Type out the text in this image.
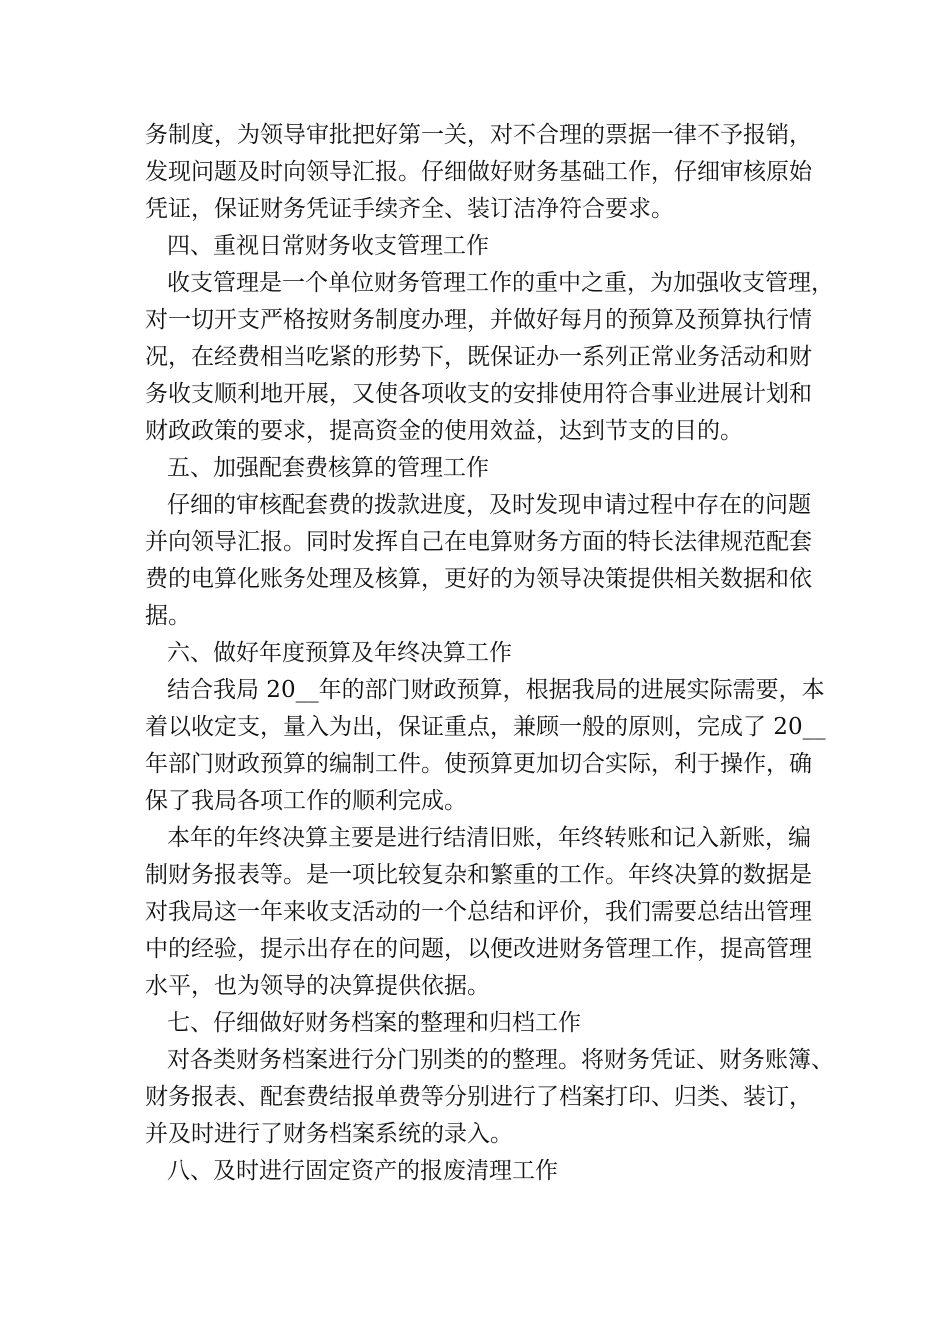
务制度，为领导审批把好第一关，对不合理的票据一律不予报销，
发现问题及时向领导汇报。仔细做好财务基础工作，仔细审核原始
凭证，保证财务凭证手续齐全、装订洁净符合要求。
四、重视日常财务收支管理工作
收支管理是一个单位财务管理工作的重中之重，为加强收支管理，
对一切开支严格按财务制度办理，并做好每月的预算及预算执行情
况，在经费相当吃紧的形势下，既保证办一系列正常业务活动和财
务收支顺利地开展，又使各项收支的安排使用符合事业进展计划和
财政政策的要求，提高资金的使用效益，达到节支的目的。
五、加强配套费核算的管理工作
仔细的审核配套费的拨款进度，及时发现申请过程中存在的问题
并向领导汇报。同时发挥自己在电算财务方面的特长法律规范配套
费的电算化账务处理及核算，更好的为领导决策提供相关数据和依
据。
六、做好年度预算及年终决算工作
结合我局 20__年的部门财政预算，根据我局的进展实际需要，本
着以收定支，量入为出，保证重点，兼顾一般的原则，完成了 20__
年部门财政预算的编制工件。使预算更加切合实际，利于操作，确
保了我局各项工作的顺利完成。
本年的年终决算主要是进行结清旧账，年终转账和记入新账，编
制财务报表等。是一项比较复杂和繁重的工作。年终决算的数据是
对我局这一年来收支活动的一个总结和评价，我们需要总结出管理
中的经验，提示出存在的问题，以便改进财务管理工作，提高管理
水平，也为领导的决算提供依据。
七、仔细做好财务档案的整理和归档工作
对各类财务档案进行分门别类的的整理。将财务凭证、财务账簿、
财务报表、配套费结报单费等分别进行了档案打印、归类、装订，
并及时进行了财务档案系统的录入。
八、及时进行固定资产的报废清理工作
